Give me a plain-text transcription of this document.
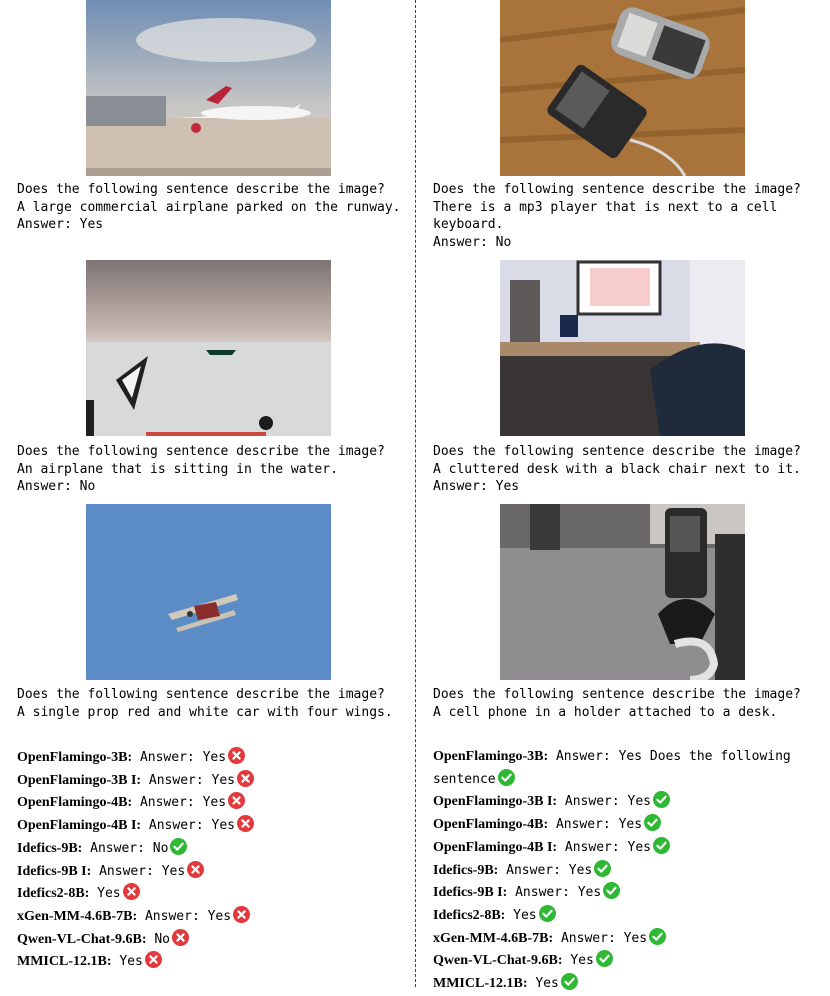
Does the following sentence describe the image?
A large commercial airplane parked on the runway.
Answer: Yes
Does the following sentence describe the image?
An airplane that is sitting in the water.
Answer: No
Does the following sentence describe the image?
A single prop red and white car with four wings.
OpenFlamingo-3B: Answer: Yes
OpenFlamingo-3B I: Answer: Yes
OpenFlamingo-4B: Answer: Yes
OpenFlamingo-4B I: Answer: Yes
Idefics-9B: Answer: No
Idefics-9B I: Answer: Yes
Idefics2-8B: Yes
xGen-MM-4.6B-7B: Answer: Yes
Qwen-VL-Chat-9.6B: No
MMICL-12.1B: Yes
Does the following sentence describe the image?
There is a mp3 player that is next to a cell keyboard.
Answer: No
Does the following sentence describe the image?
A cluttered desk with a black chair next to it.
Answer: Yes
Does the following sentence describe the image?
A cell phone in a holder attached to a desk.
OpenFlamingo-3B: Answer: Yes Does the following sentence
OpenFlamingo-3B I: Answer: Yes
OpenFlamingo-4B: Answer: Yes
OpenFlamingo-4B I: Answer: Yes
Idefics-9B: Answer: Yes
Idefics-9B I: Answer: Yes
Idefics2-8B: Yes
xGen-MM-4.6B-7B: Answer: Yes
Qwen-VL-Chat-9.6B: Yes
MMICL-12.1B: Yes
